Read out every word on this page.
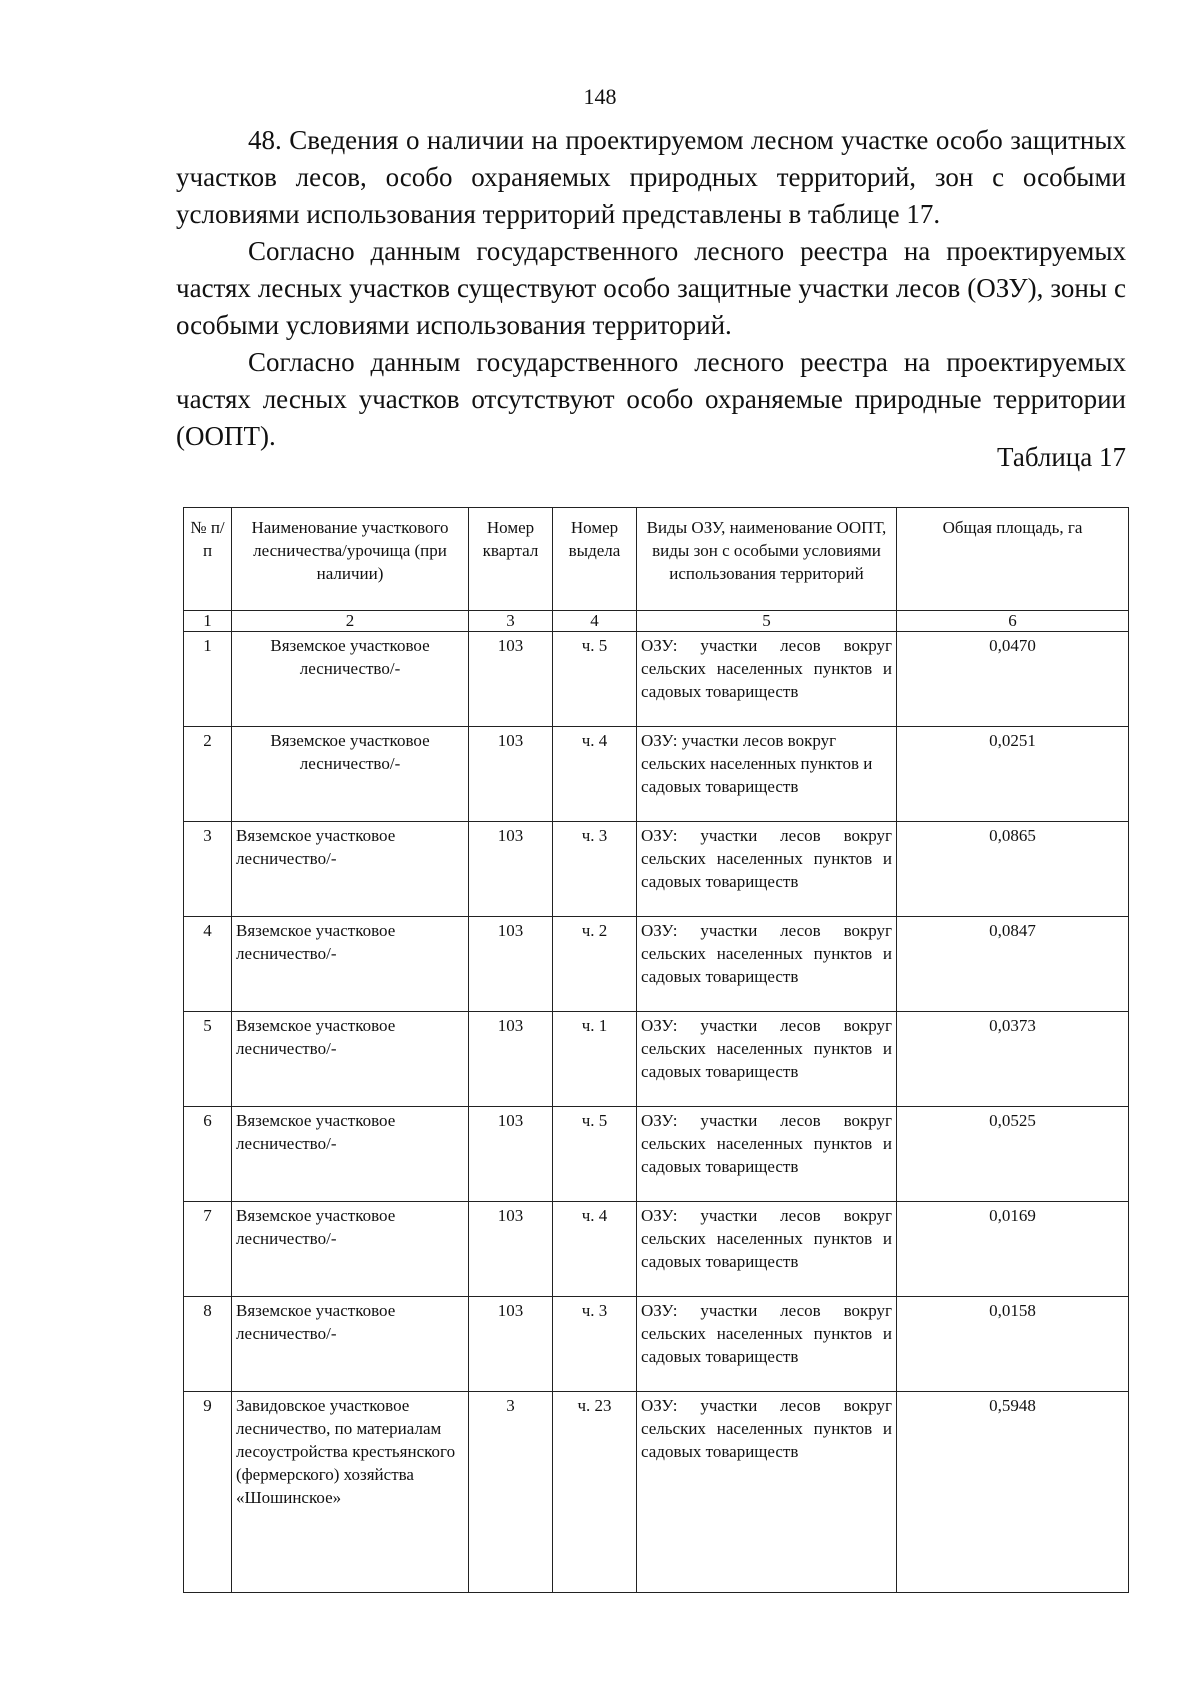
148

48. Сведения о наличии на проектируемом лесном участке особо защитных участков лесов, особо охраняемых природных территорий, зон с особыми условиями использования территорий представлены в таблице 17.

Согласно данным государственного лесного реестра на проектируемых частях лесных участков существуют особо защитные участки лесов (ОЗУ), зоны с особыми условиями использования территорий.

Согласно данным государственного лесного реестра на проектируемых частях лесных участков отсутствуют особо охраняемые природные территории (ООПТ).

Таблица 17
№ п/п	Наименование участкового лесничества/урочища (при наличии)	Номер квартал	Номер выдела	Виды ОЗУ, наименование ООПТ, виды зон с особыми условиями использования территорий	Общая площадь, га
1	2	3	4	5	6
1	Вяземское участковое лесничество/-	103	ч. 5	ОЗУ: участки лесов вокруг сельских населенных пунктов и садовых товариществ	0,0470
2	Вяземское участковое лесничество/-	103	ч. 4	ОЗУ: участки лесов вокруг сельских населенных пунктов и садовых товариществ	0,0251
3	Вяземское участковое лесничество/-	103	ч. 3	ОЗУ: участки лесов вокруг сельских населенных пунктов и садовых товариществ	0,0865
4	Вяземское участковое лесничество/-	103	ч. 2	ОЗУ: участки лесов вокруг сельских населенных пунктов и садовых товариществ	0,0847
5	Вяземское участковое лесничество/-	103	ч. 1	ОЗУ: участки лесов вокруг сельских населенных пунктов и садовых товариществ	0,0373
6	Вяземское участковое лесничество/-	103	ч. 5	ОЗУ: участки лесов вокруг сельских населенных пунктов и садовых товариществ	0,0525
7	Вяземское участковое лесничество/-	103	ч. 4	ОЗУ: участки лесов вокруг сельских населенных пунктов и садовых товариществ	0,0169
8	Вяземское участковое лесничество/-	103	ч. 3	ОЗУ: участки лесов вокруг сельских населенных пунктов и садовых товариществ	0,0158
9	Завидовское участковое лесничество, по материалам лесоустройства крестьянского (фермерского) хозяйства «Шошинское»	3	ч. 23	ОЗУ: участки лесов вокруг сельских населенных пунктов и садовых товариществ	0,5948
